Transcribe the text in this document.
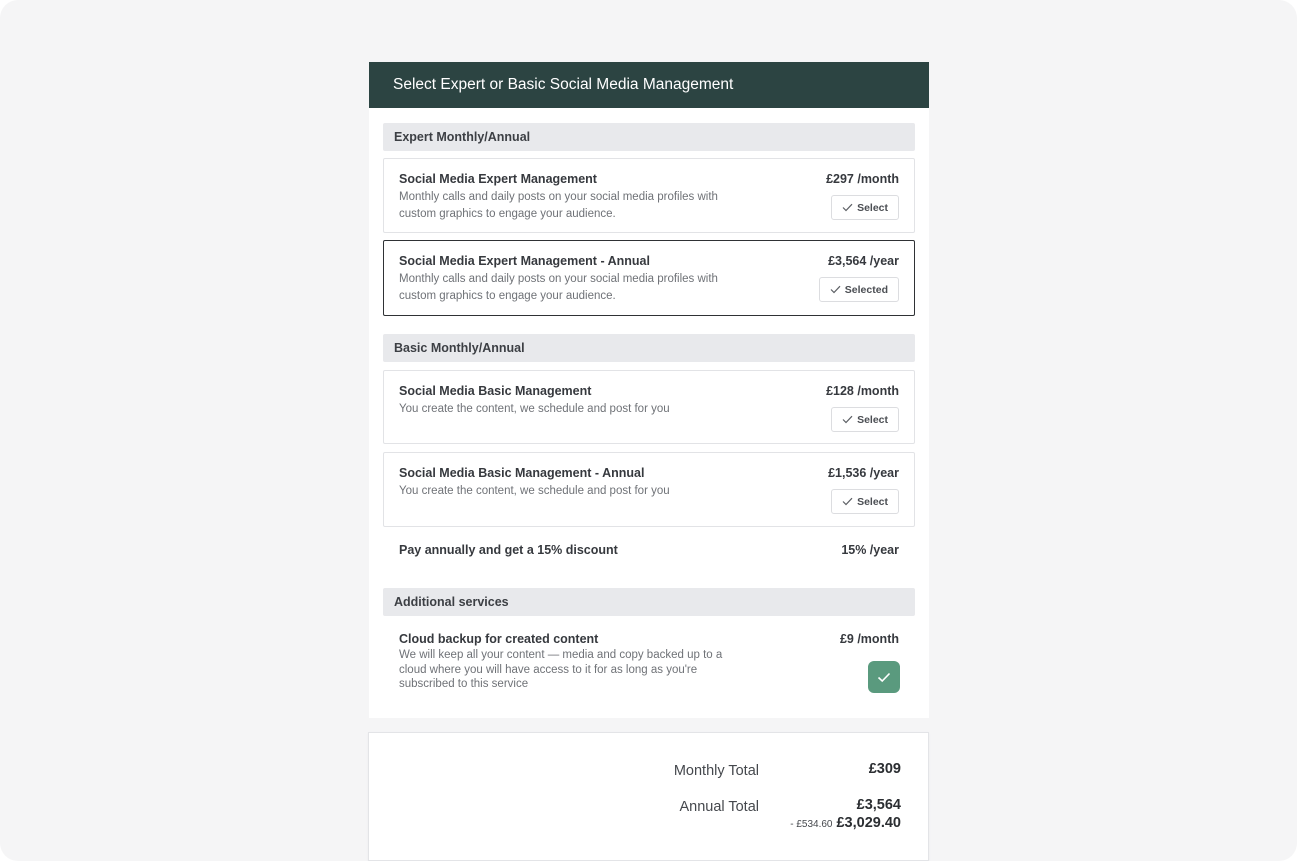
Select Expert or Basic Social Media Management
Expert Monthly/Annual
Social Media Expert Management
Monthly calls and daily posts on your social media profiles with custom graphics to engage your audience.
£297 /month
Select
Social Media Expert Management - Annual
Monthly calls and daily posts on your social media profiles with custom graphics to engage your audience.
£3,564 /year
Selected
Basic Monthly/Annual
Social Media Basic Management
You create the content, we schedule and post for you
£128 /month
Select
Social Media Basic Management - Annual
You create the content, we schedule and post for you
£1,536 /year
Select
Pay annually and get a 15% discount	15% /year
Additional services
Cloud backup for created content
We will keep all your content — media and copy backed up to a cloud where you will have access to it for as long as you're subscribed to this service
£9 /month
Monthly Total	£309
Annual Total	£3,564
- £534.60 £3,029.40
